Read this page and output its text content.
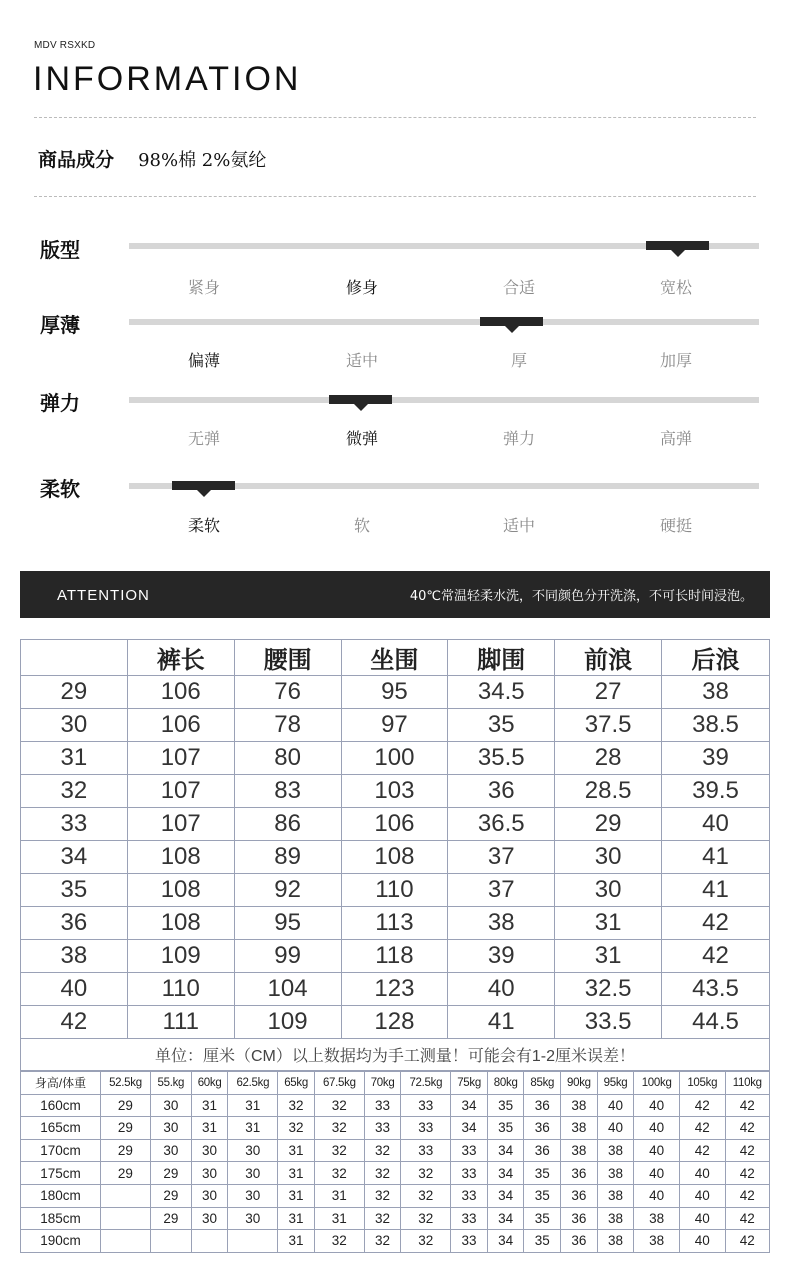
MDV RSXKD
INFORMATION
商品成分 98%棉 2%氨纶
版型
紧身	修身	合适	宽松
厚薄
偏薄	适中	厚	加厚
弹力
无弹	微弹	弹力	高弹
柔软
柔软	软	适中	硬挺
ATTENTION	40℃常温轻柔水洗，不同颜色分开洗涤，不可长时间浸泡。
	裤长	腰围	坐围	脚围	前浪	后浪
29	106	76	95	34.5	27	38
30	106	78	97	35	37.5	38.5
31	107	80	100	35.5	28	39
32	107	83	103	36	28.5	39.5
33	107	86	106	36.5	29	40
34	108	89	108	37	30	41
35	108	92	110	37	30	41
36	108	95	113	38	31	42
38	109	99	118	39	31	42
40	110	104	123	40	32.5	43.5
42	111	109	128	41	33.5	44.5
单位：厘米（CM）以上数据均为手工测量！可能会有1-2厘米误差！						
身高/体重	52.5kg	55.kg	60kg	62.5kg	65kg	67.5kg	70kg	72.5kg	75kg	80kg	85kg	90kg	95kg	100kg	105kg	110kg
160cm	29	30	31	31	32	32	33	33	34	35	36	38	40	40	42	42
165cm	29	30	31	31	32	32	33	33	34	35	36	38	40	40	42	42
170cm	29	30	30	30	31	32	32	33	33	34	36	38	38	40	42	42
175cm	29	29	30	30	31	32	32	32	33	34	35	36	38	40	40	42
180cm		29	30	30	31	31	32	32	33	34	35	36	38	40	40	42
185cm		29	30	30	31	31	32	32	33	34	35	36	38	38	40	42
190cm					31	32	32	32	33	34	35	36	38	38	40	42
